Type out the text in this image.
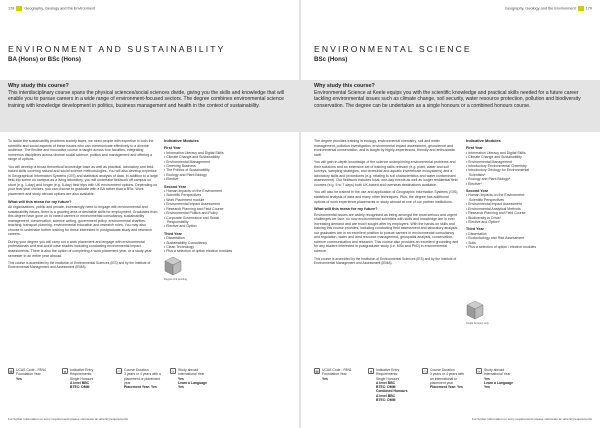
178	Geography, Geology and the Environment
ENVIRONMENT AND SUSTAINABILITY
BA (Hons) or BSc (Hons)
Why study this course?

This interdisciplinary course spans the physical sciences/social sciences divide, giving you the skills and knowledge that will enable you to pursue careers in a wide range of environment-focused sectors. The degree combines environmental science training with knowledge development in politics, business management and health in the context of sustainability.

To tackle the sustainability problems society faces, we need people with expertise in both the scientific and social aspects of these issues who can communicate effectively to a diverse audience. The flexible and innovative course is taught across four faculties, integrating numerous disciplines across diverse social science, politics and management and offering a range of options.

You will develop a broad theoretical knowledge base as well as practical, laboratory and field-based skills covering natural and social science methodologies. You will also develop expertise in Geographical Information Systems (GIS) and statistical analysis of data. In addition to a large field-trip scene on campus as a living laboratory, you will undertake fieldwork off campus on short (e.g. 1-day) and longer (e.g. 5-day) field trips with UK environment options. Depending on your final year choices, you can choose to graduate with a BA rather than a BSc. Work placement and study abroad options are also available.

What will this mean for my future?

All organisations, public and private, increasingly need to engage with environmental and sustainability issues, there is a growing area of desirable skills for employment. Graduates from this degree have gone on to varied careers in environmental consultancy, sustainability management, conservation, science writing, government policy, environmental charities, teaching, transport planning, environmental education and research roles. You may also choose to undertake further training for these interested in postgraduate study and research careers.

During your degree you will carry out a work placement and engage with environmental professionals and real-world case studies including conducting environmental impact assessments. There is also the option of completing a work placement year, or a study-year semester in an entire year abroad.

This course is accredited by the Institution of Environmental Sciences (IES) and by the Institute of Environmental Management and Assessment (IEMA).

Indicative Modules
First Year
• Information Literacy and Digital Skills
• Climate Change and Sustainability
• Environmental Management
• Greening Business
• The Politics of Sustainability
• Ecology and Plant Biology
• Elective
Second Year
• Human Impacts on the Environment
• Scientific Perspectives
• Work Placement module
• Environmental Impact Assessment
• Research Planning and Field Course
• Environmental Politics and Policy
• Corporate Governance and Social Responsibility
• Elective and Option
Third Year
• Dissertation
• Sustainability Consultancy
• Clean Technology
• Plus a selection of option elective modules
Degree link pending
▦ UCAS Code - F8N4
Foundation Year
Yes
★ Indicative Entry Requirements:
Single Honours
A level BBC
BTEC: DMM
◷ Course Duration
3 years or 4 years with a placement or placement year
Placement Year: Yes
✈ Study abroad
International Year
Yes
Learn a Language
Yes
For further information on entry requirements please visit keele.ac.uk/entryrequirements
Geography, Geology and the Environment	179
ENVIRONMENTAL SCIENCE
BSc (Hons)
Why study this course?

Environmental Science at Keele equips you with the scientific knowledge and practical skills needed for a future career tackling environmental issues such as climate change, soil security, water resource protection, pollution and biodiversity conservation. The degree can be undertaken as a single honours or a combined honours course.

The degree provides training in ecology, environmental chemistry, soil and water management, pollution investigation, environmental impact assessment, geoscience and environmental conservation, and is taught by highly-experienced, friendly and enthusiastic staff.

You will gain in-depth knowledge of the science underpinning environmental problems and their solutions and an extensive set of training skills relevant (e.g. plant, water and soil surveys, sampling strategies, and terrestrial and aquatic invertebrate ecosystems) and a laboratory skills and procedures (e.g. relating to soil characteristics and water contaminant assessment). Our fieldwork includes local, one-day events as well as longer residential field courses (e.g. 5 to 7 days) both UK-based and overseas destinations available.

You will also be trained in the use and application of Geographic Information Systems (GIS), statistical analysis of data and many other techniques. Plus, the degree has additional options of work experience placements or study abroad at one of our partner institutions.

What will this mean for my future?

Environmental issues are widely recognised as being amongst the most serious and urgent challenges we face, so now environmental scientists with skills and knowledge are in ever increasing demand and are much sought after by employers. With the hands-on skills and training this course provides, including conducting field assessment and laboratory analysis, our graduates are in an excellent position to pursue careers in environmental consultancy and regulation, water and land resource management, geospatial analysis, conservation, science communication and research. This course also provides an excellent grounding and for any student interested in postgraduate study (i.e. MSc and PhD) in environmental science.

This course is accredited by the Institution of Environmental Sciences (IES) and by the Institute of Environmental Management and Assessment (IEMA).

Indicative Modules
First Year
• Information Literacy and Digital Skills
• Climate Change and Sustainability
• Environmental Management
• Introductory Environmental Chemistry
• Introductory Geology for Environmental Scientists*
• Ecology and Plant Biology*
• Elective*
Second Year
• Human Impacts on the Environment: Scientific Perspectives
• Environmental Impact Assessment
• Environmental Analytical Methods
• Research Planning and Field Course
• Biodiversity in Crisis*
• Elective and Option*
Third Year
• Dissertation
• Ecotoxicology and Risk Assessment
• Soils
• Plus a selection of option / elective modules
Single honours only
▦ UCAS Code - F8N1
Foundation Year
Yes
★ Indicative Entry Requirements:
Single Honours
A level BBC
BTEC: DMM
Combined Honours
A level BBC
BTEC: DMM
◷ Course Duration
3 years or 4 years with an international or placement year
Placement Year: Yes
✈ Study abroad
International Year
Yes
Learn a Language
Yes
For further information on entry requirements please visit keele.ac.uk/entryrequirements
